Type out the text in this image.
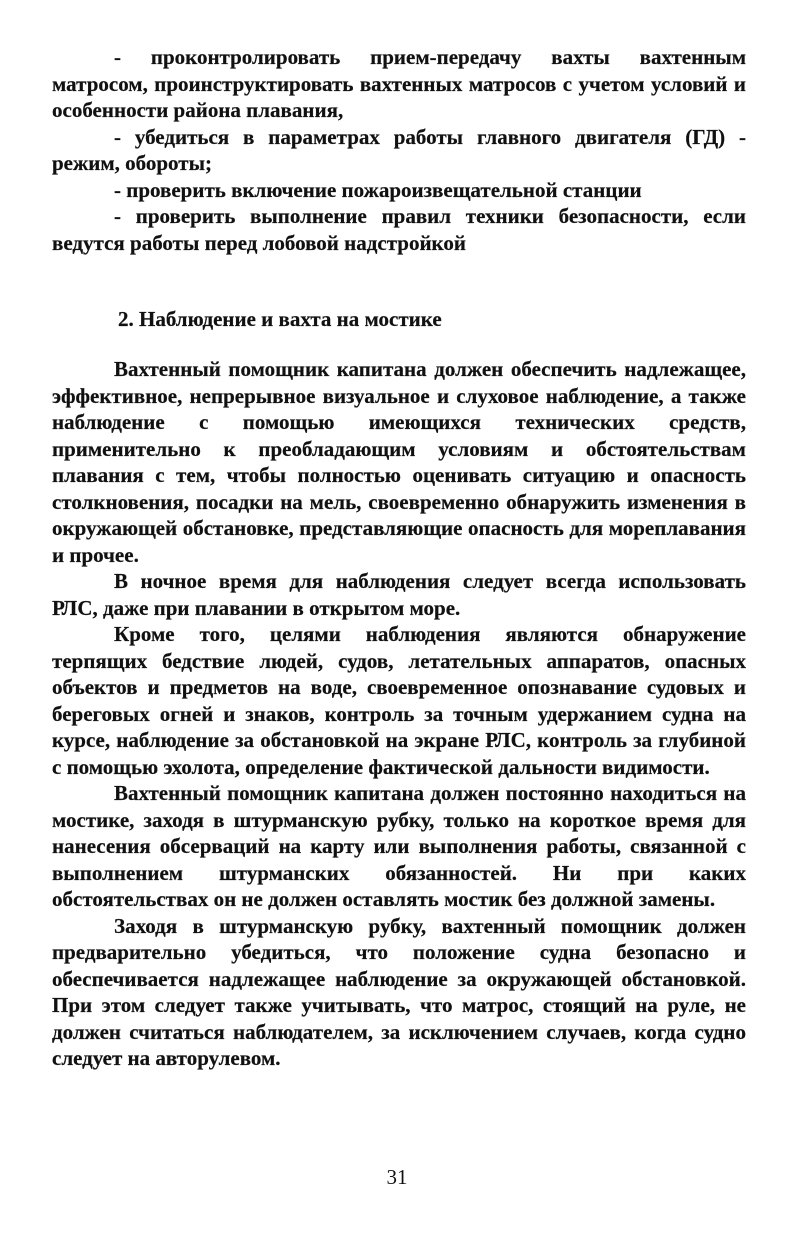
- проконтролировать прием-передачу вахты вахтенным матросом, проинструктировать вахтенных матросов с учетом условий и особенности района плавания,

- убедиться в параметрах работы главного двигателя (ГД) - режим, обороты;

- проверить включение пожароизвещательной станции

- проверить выполнение правил техники безопасности, если ведутся работы перед лобовой надстройкой

2. Наблюдение и вахта на мостике

Вахтенный помощник капитана должен обеспечить надлежащее, эффективное, непрерывное визуальное и слуховое наблюдение, а также наблюдение с помощью имеющихся технических средств, применительно к преобладающим условиям и обстоятельствам плавания с тем, чтобы полностью оценивать ситуацию и опасность столкновения, посадки на мель, своевременно обнаружить изменения в окружающей обстановке, представляющие опасность для мореплавания и прочее.

В ночное время для наблюдения следует всегда использовать РЛС, даже при плавании в открытом море.

Кроме того, целями наблюдения являются обнаружение терпящих бедствие людей, судов, летательных аппаратов, опасных объектов и предметов на воде, своевременное опознавание судовых и береговых огней и знаков, контроль за точным удержанием судна на курсе, наблюдение за обстановкой на экране РЛС, контроль за глубиной с помощью эхолота, определение фактической дальности видимости.

Вахтенный помощник капитана должен постоянно находиться на мостике, заходя в штурманскую рубку, только на короткое время для нанесения обсерваций на карту или выполнения работы, связанной с выполнением штурманских обязанностей. Ни при каких обстоятельствах он не должен оставлять мостик без должной замены.

Заходя в штурманскую рубку, вахтенный помощник должен предварительно убедиться, что положение судна безопасно и обеспечивается надлежащее наблюдение за окружающей обстановкой. При этом следует также учитывать, что матрос, стоящий на руле, не должен считаться наблюдателем, за исключением случаев, когда судно следует на авторулевом.

31
